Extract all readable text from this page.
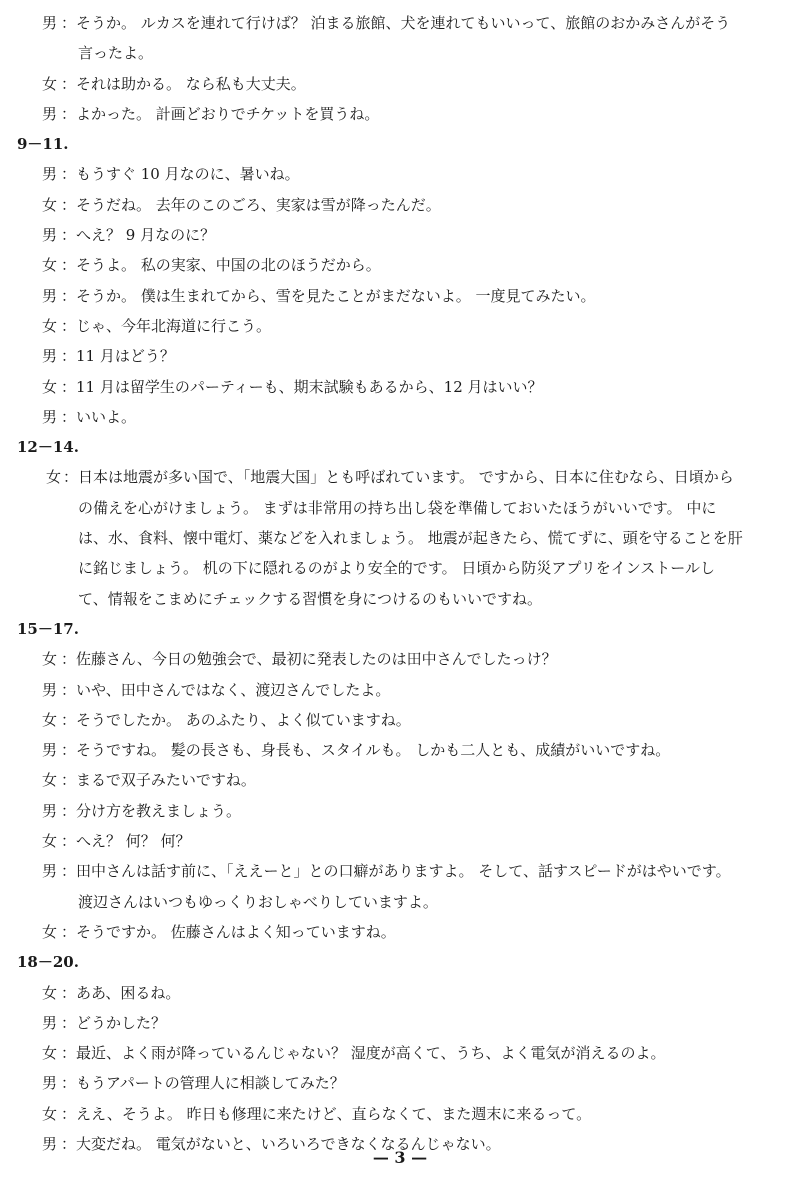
男 ： そうか。 ルカスを連れて行けば？ 泊まる旅館、犬を連れてもいいって、旅館のおかみさんがそう
言ったよ。
女 ： それは助かる。 なら私も大丈夫。
男 ： よかった。 計画どおりでチケットを買うね。
9－11.
男 ： もうすぐ 10 月なのに、暑いね。
女 ： そうだね。 去年のこのごろ、実家は雪が降ったんだ。
男 ： へえ？ 9 月なのに？
女 ： そうよ。 私の実家、中国の北のほうだから。
男 ： そうか。 僕は生まれてから、雪を見たことがまだないよ。 一度見てみたい。
女 ： じゃ、今年北海道に行こう。
男 ： 11 月はどう？
女 ： 11 月は留学生のパーティーも、期末試験もあるから、12 月はいい？
男 ： いいよ。
12－14.
女 ： 日本は地震が多い国で、「地震大国」とも呼ばれています。 ですから、日本に住むなら、日頃から
の備えを心がけましょう。 まずは非常用の持ち出し袋を準備しておいたほうがいいです。 中に
は、水、食料、懐中電灯、薬などを入れましょう。 地震が起きたら、慌てずに、頭を守ることを肝
に銘じましょう。 机の下に隠れるのがより安全的です。 日頃から防災アプリをインストールし
て、情報をこまめにチェックする習慣を身につけるのもいいですね。
15－17.
女 ： 佐藤さん、今日の勉強会で、最初に発表したのは田中さんでしたっけ？
男 ： いや、田中さんではなく、渡辺さんでしたよ。
女 ： そうでしたか。 あのふたり、よく似ていますね。
男 ： そうですね。 髪の長さも、身長も、スタイルも。 しかも二人とも、成績がいいですね。
女 ： まるで双子みたいですね。
男 ： 分け方を教えましょう。
女 ： へえ？ 何？ 何？
男 ： 田中さんは話す前に、「ええーと」との口癖がありますよ。 そして、話すスピードがはやいです。
渡辺さんはいつもゆっくりおしゃべりしていますよ。
女 ： そうですか。 佐藤さんはよく知っていますね。
18－20.
女 ： ああ、困るね。
男 ： どうかした？
女 ： 最近、よく雨が降っているんじゃない？ 湿度が高くて、うち、よく電気が消えるのよ。
男 ： もうアパートの管理人に相談してみた？
女 ： ええ、そうよ。 昨日も修理に来たけど、直らなくて、また週末に来るって。
男 ： 大変だね。 電気がないと、いろいろできなくなるんじゃない。
— 3 —
